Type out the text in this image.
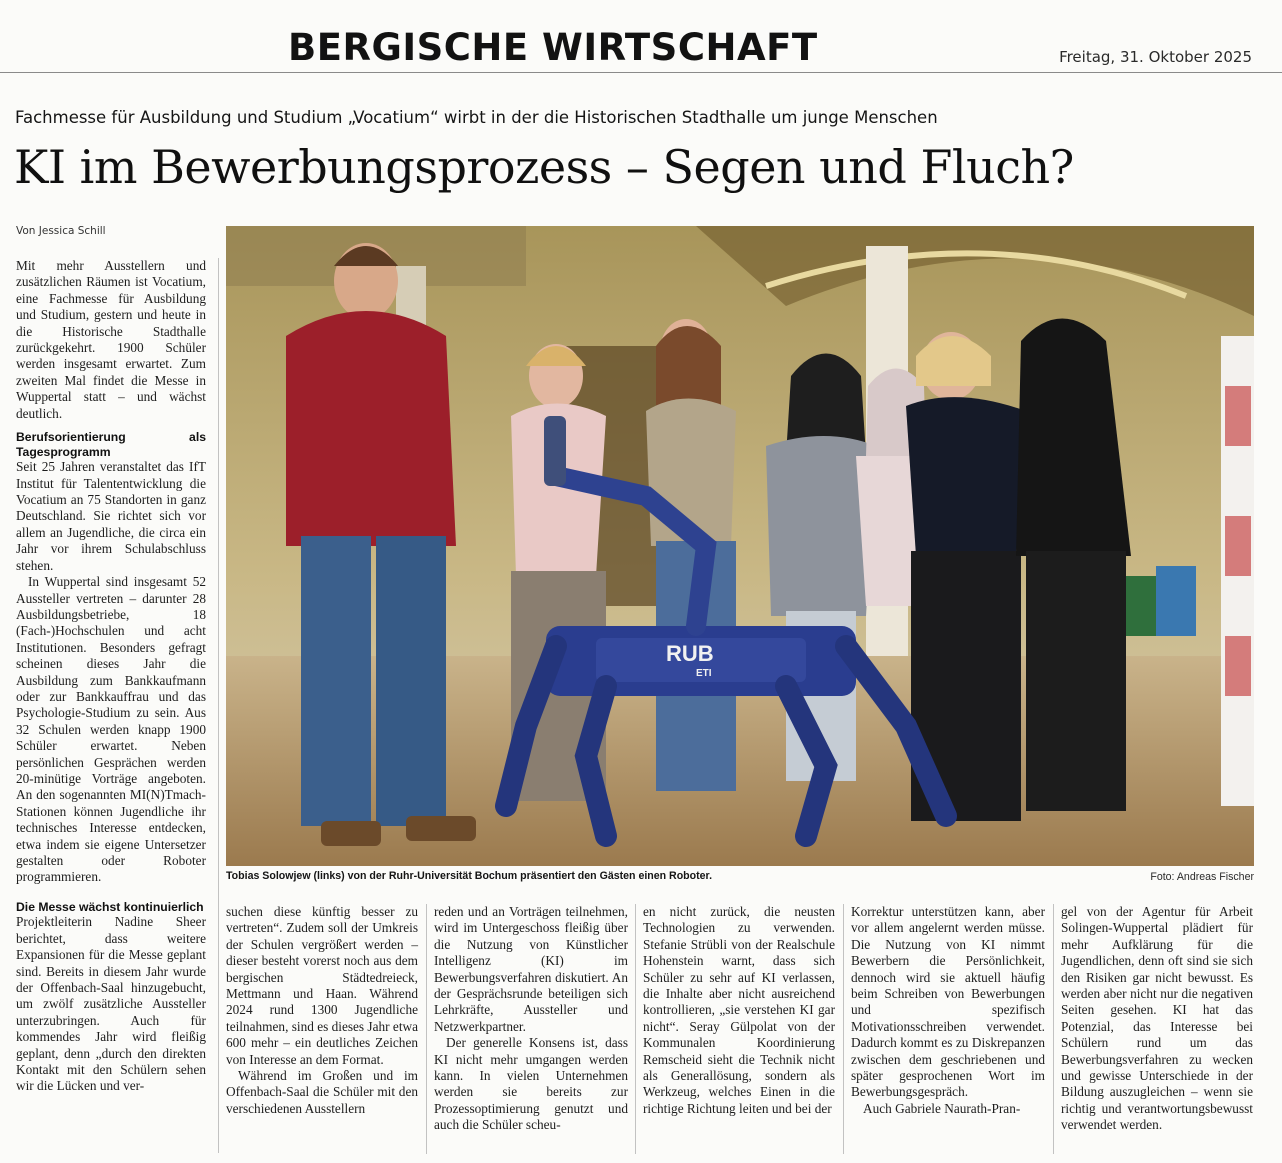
BERGISCHE WIRTSCHAFT	Freitag, 31. Oktober 2025
Fachmesse für Ausbildung und Studium „Vocatium“ wirbt in der die Historischen Stadthalle um junge Menschen
KI im Bewerbungsprozess – Segen und Fluch?
Von Jessica Schill

Mit mehr Ausstellern und zusätzlichen Räumen ist Vocatium, eine Fachmesse für Ausbildung und Studium, gestern und heute in die Historische Stadthalle zurückgekehrt. 1900 Schüler werden insgesamt erwartet. Zum zweiten Mal findet die Messe in Wuppertal statt – und wächst deutlich.

Berufsorientierung als Tagesprogramm

Seit 25 Jahren veranstaltet das IfT Institut für Talententwicklung die Vocatium an 75 Standorten in ganz Deutschland. Sie richtet sich vor allem an Jugendliche, die circa ein Jahr vor ihrem Schulabschluss stehen.

In Wuppertal sind insgesamt 52 Aussteller vertreten – darunter 28 Ausbildungsbetriebe, 18 (Fach-)Hochschulen und acht Institutionen. Besonders gefragt scheinen dieses Jahr die Ausbildung zum Bankkaufmann oder zur Bankkauffrau und das Psychologie-Studium zu sein. Aus 32 Schulen werden knapp 1900 Schüler erwartet. Neben persönlichen Gesprächen werden 20-minütige Vorträge angeboten. An den sogenannten MI(N)Tmach-Stationen können Jugendliche ihr technisches Interesse entdecken, etwa indem sie eigene Untersetzer gestalten oder Roboter programmieren.

Die Messe wächst kontinuierlich

Projektleiterin Nadine Sheer berichtet, dass weitere Expansionen für die Messe geplant sind. Bereits in diesem Jahr wurde der Offenbach-Saal hinzugebucht, um zwölf zusätzliche Aussteller unterzubringen. Auch für kommendes Jahr wird fleißig geplant, denn „durch den direkten Kontakt mit den Schülern sehen wir die Lücken und ver-

RUB
ETI
Tobias Solowjew (links) von der Ruhr-Universität Bochum präsentiert den Gästen einen Roboter.	Foto: Andreas Fischer

suchen diese künftig besser zu vertreten“. Zudem soll der Umkreis der Schulen vergrößert werden – dieser besteht vorerst noch aus dem bergischen Städtedreieck, Mettmann und Haan. Während 2024 rund 1300 Jugendliche teilnahmen, sind es dieses Jahr etwa 600 mehr – ein deutliches Zeichen von Interesse an dem Format.

Während im Großen und im Offenbach-Saal die Schüler mit den verschiedenen Ausstellern

reden und an Vorträgen teilnehmen, wird im Untergeschoss fleißig über die Nutzung von Künstlicher Intelligenz (KI) im Bewerbungsverfahren diskutiert. An der Gesprächsrunde beteiligen sich Lehrkräfte, Aussteller und Netzwerkpartner.

Der generelle Konsens ist, dass KI nicht mehr umgangen werden kann. In vielen Unternehmen werden sie bereits zur Prozessoptimierung genutzt und auch die Schüler scheu-

en nicht zurück, die neusten Technologien zu verwenden. Stefanie Strübli von der Realschule Hohenstein warnt, dass sich Schüler zu sehr auf KI verlassen, die Inhalte aber nicht ausreichend kontrollieren, „sie verstehen KI gar nicht“. Seray Gülpolat von der Kommunalen Koordinierung Remscheid sieht die Technik nicht als Generallösung, sondern als Werkzeug, welches Einen in die richtige Richtung leiten und bei der

Korrektur unterstützen kann, aber vor allem angelernt werden müsse. Die Nutzung von KI nimmt Bewerbern die Persönlichkeit, dennoch wird sie aktuell häufig beim Schreiben von Bewerbungen und spezifisch Motivationsschreiben verwendet. Dadurch kommt es zu Diskrepanzen zwischen dem geschriebenen und später gesprochenen Wort im Bewerbungsgespräch.

Auch Gabriele Naurath-Pran-

gel von der Agentur für Arbeit Solingen-Wuppertal plädiert für mehr Aufklärung für die Jugendlichen, denn oft sind sie sich den Risiken gar nicht bewusst. Es werden aber nicht nur die negativen Seiten gesehen. KI hat das Potenzial, das Interesse bei Schülern rund um das Bewerbungsverfahren zu wecken und gewisse Unterschiede in der Bildung auszugleichen – wenn sie richtig und verantwortungsbewusst verwendet werden.
